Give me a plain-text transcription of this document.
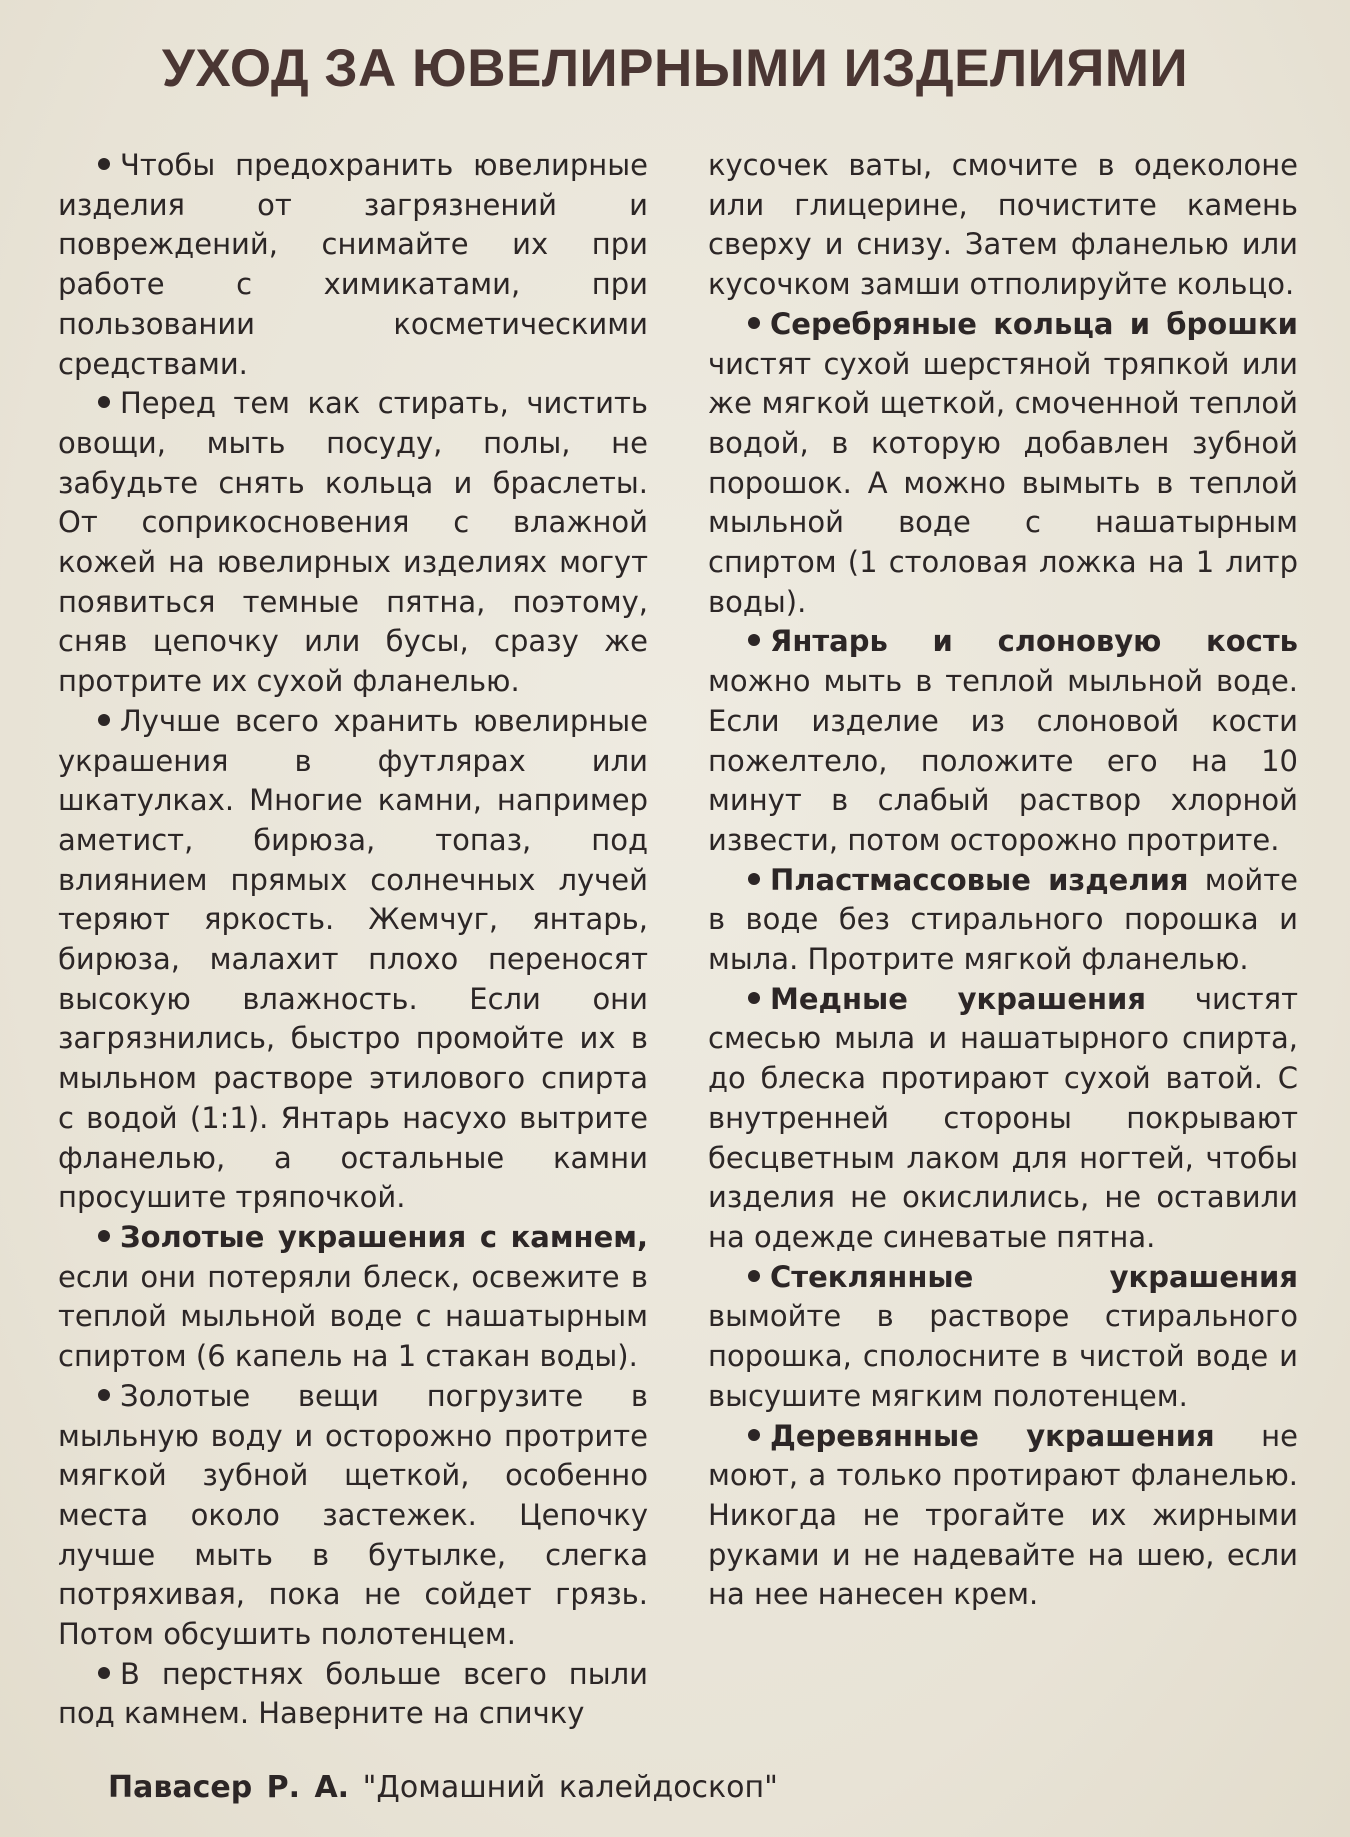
УХОД ЗА ЮВЕЛИРНЫМИ ИЗДЕЛИЯМИ

Чтобы предохранить ювелирные изделия от загрязнений и повреждений, снимайте их при работе с химикатами, при пользовании косметическими средствами.

Перед тем как стирать, чистить овощи, мыть посуду, полы, не забудьте снять кольца и браслеты. От соприкосновения с влажной кожей на ювелирных изделиях могут появиться темные пятна, поэтому, сняв цепочку или бусы, сразу же протрите их сухой фланелью.

Лучше всего хранить ювелирные украшения в футлярах или шкатулках. Многие камни, например аметист, бирюза, топаз, под влиянием прямых солнечных лучей теряют яркость. Жемчуг, янтарь, бирюза, малахит плохо переносят высокую влажность. Если они загрязнились, быстро промойте их в мыльном растворе этилового спирта с водой (1:1). Янтарь насухо вытрите фланелью, а остальные камни просушите тряпочкой.

Золотые украшения с камнем, если они потеряли блеск, освежите в теплой мыльной воде с нашатырным спиртом (6 капель на 1 стакан воды).

Золотые вещи погрузите в мыльную воду и осторожно протрите мягкой зубной щеткой, особенно места около застежек. Цепочку лучше мыть в бутылке, слегка потряхивая, пока не сойдет грязь. Потом обсушить полотенцем.

В перстнях больше всего пыли под камнем. Наверните на спичку

кусочек ваты, смочите в одеколоне или глицерине, почистите камень сверху и снизу. Затем фланелью или кусочком замши отполируйте кольцо.

Серебряные кольца и брошки чистят сухой шерстяной тряпкой или же мягкой щеткой, смоченной теплой водой, в которую добавлен зубной порошок. А можно вымыть в теплой мыльной воде с нашатырным спиртом (1 столовая ложка на 1 литр воды).

Янтарь и слоновую кость можно мыть в теплой мыльной воде. Если изделие из слоновой кости пожелтело, положите его на 10 минут в слабый раствор хлорной извести, потом осторожно протрите.

Пластмассовые изделия мойте в воде без стирального порошка и мыла. Протрите мягкой фланелью.

Медные украшения чистят смесью мыла и нашатырного спирта, до блеска протирают сухой ватой. С внутренней стороны покрывают бесцветным лаком для ногтей, чтобы изделия не окислились, не оставили на одежде синеватые пятна.

Стеклянные украшения вымойте в растворе стирального порошка, сполосните в чистой воде и высушите мягким полотенцем.

Деревянные украшения не моют, а только протирают фланелью. Никогда не трогайте их жирными руками и не надевайте на шею, если на нее нанесен крем.

Павасер Р. А. "Домашний калейдоскоп"
